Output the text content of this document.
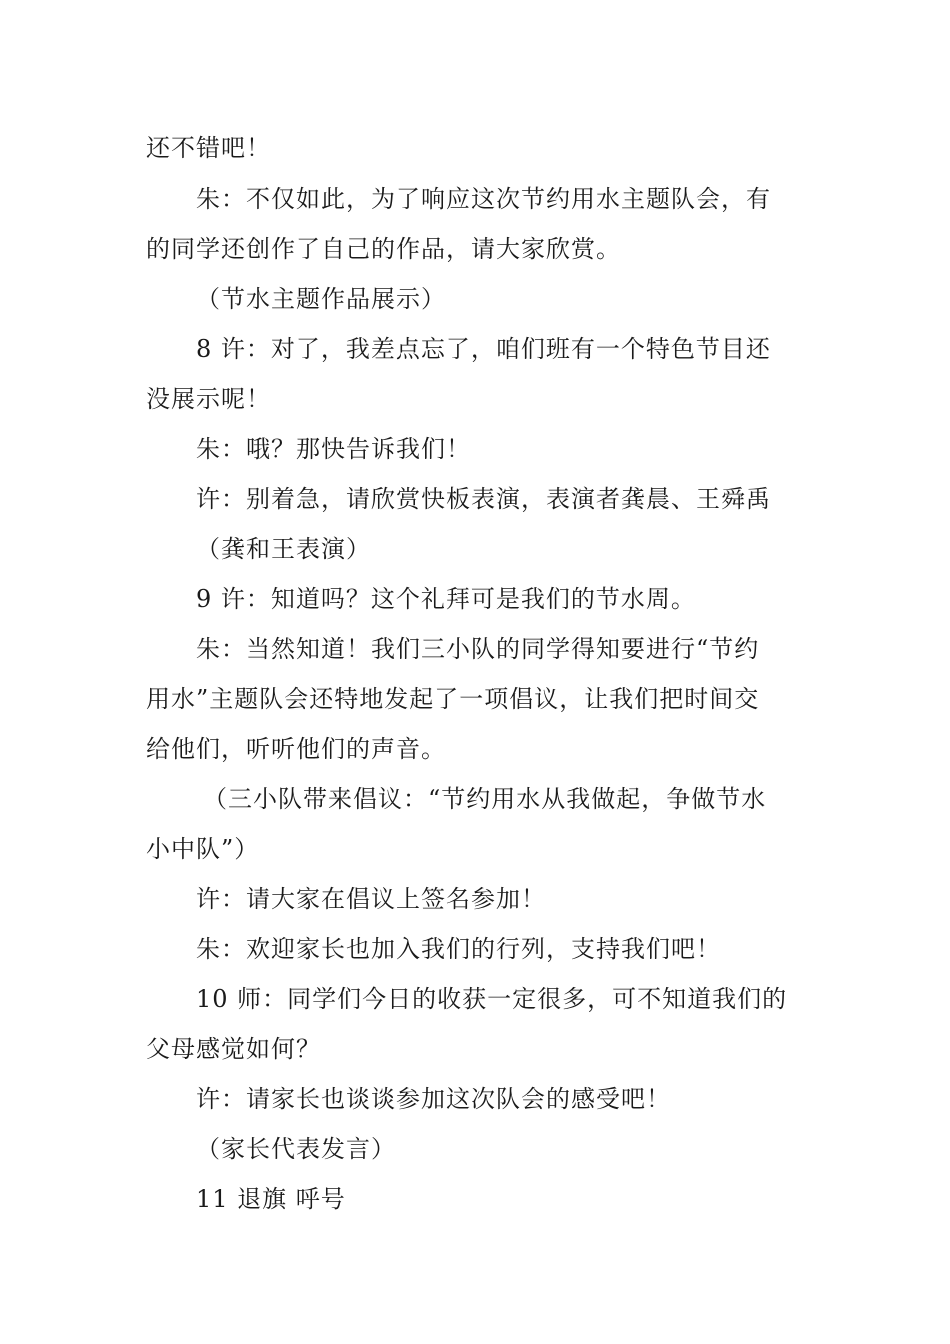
还不错吧！
朱：不仅如此，为了响应这次节约用水主题队会，有
的同学还创作了自己的作品，请大家欣赏。
（节水主题作品展示）
8 许：对了，我差点忘了，咱们班有一个特色节目还
没展示呢！
朱：哦？那快告诉我们！
许：别着急，请欣赏快板表演，表演者龚晨、王舜禹
（龚和王表演）
9 许：知道吗？这个礼拜可是我们的节水周。
朱：当然知道！我们三小队的同学得知要进行“节约
用水”主题队会还特地发起了一项倡议，让我们把时间交
给他们，听听他们的声音。
（三小队带来倡议：“节约用水从我做起，争做节水
小中队”）
许：请大家在倡议上签名参加！
朱：欢迎家长也加入我们的行列，支持我们吧！
10 师：同学们今日的收获一定很多，可不知道我们的
父母感觉如何？
许：请家长也谈谈参加这次队会的感受吧！
（家长代表发言）
11 退旗 呼号
